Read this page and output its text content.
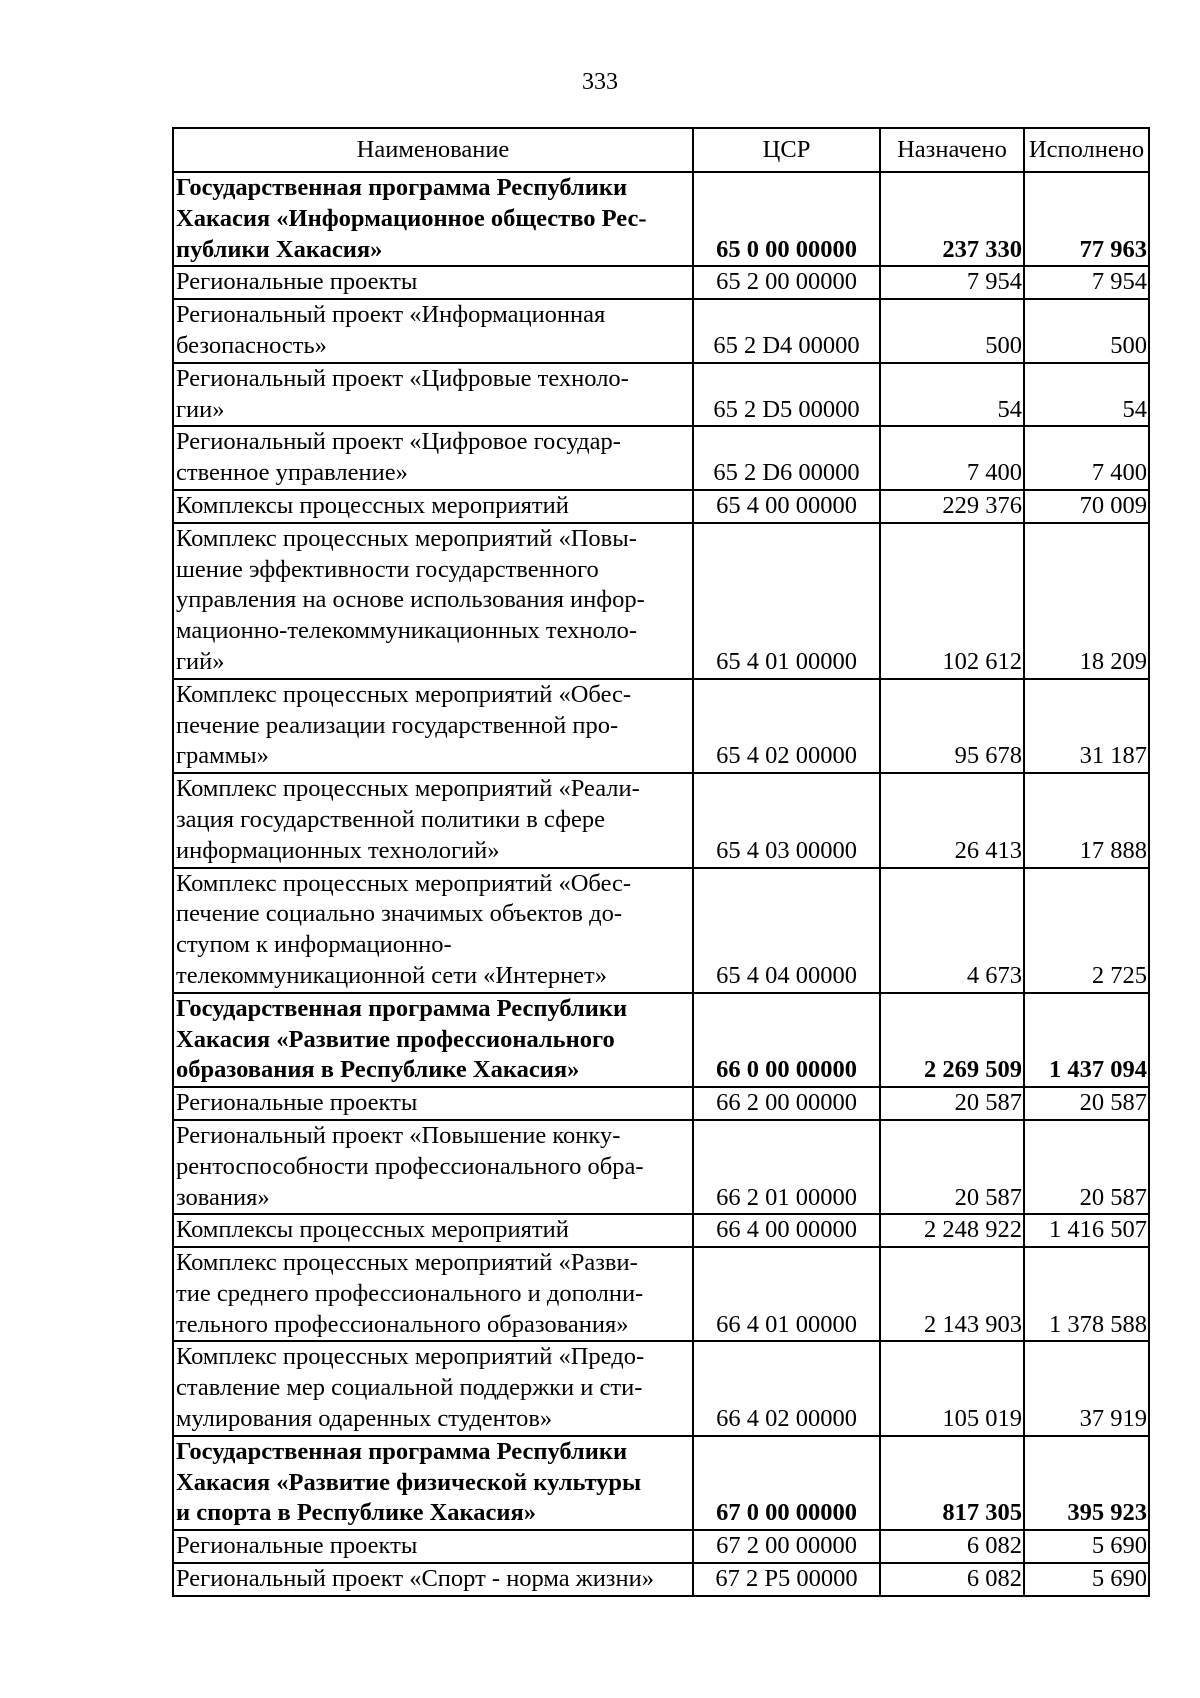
333
Наименование	ЦСР	Назначено	Исполнено

Государственная программа Республики
Хакасия «Информационное общество Рес-
публики Хакасия»	65 0 00 00000	237 330	77 963

Региональные проекты	65 2 00 00000	7 954	7 954

Региональный проект «Информационная
безопасность»	65 2 D4 00000	500	500

Региональный проект «Цифровые техноло-
гии»	65 2 D5 00000	54	54

Региональный проект «Цифровое государ-
ственное управление»	65 2 D6 00000	7 400	7 400

Комплексы процессных мероприятий	65 4 00 00000	229 376	70 009

Комплекс процессных мероприятий «Повы-
шение эффективности государственного
управления на основе использования инфор-
мационно-телекоммуникационных техноло-
гий»	65 4 01 00000	102 612	18 209

Комплекс процессных мероприятий «Обес-
печение реализации государственной про-
граммы»	65 4 02 00000	95 678	31 187

Комплекс процессных мероприятий «Реали-
зация государственной политики в сфере
информационных технологий»	65 4 03 00000	26 413	17 888

Комплекс процессных мероприятий «Обес-
печение социально значимых объектов до-
ступом к информационно-
телекоммуникационной сети «Интернет»	65 4 04 00000	4 673	2 725

Государственная программа Республики
Хакасия «Развитие профессионального
образования в Республике Хакасия»	66 0 00 00000	2 269 509	1 437 094

Региональные проекты	66 2 00 00000	20 587	20 587

Региональный проект «Повышение конку-
рентоспособности профессионального обра-
зования»	66 2 01 00000	20 587	20 587

Комплексы процессных мероприятий	66 4 00 00000	2 248 922	1 416 507

Комплекс процессных мероприятий «Разви-
тие среднего профессионального и дополни-
тельного профессионального образования»	66 4 01 00000	2 143 903	1 378 588

Комплекс процессных мероприятий «Предо-
ставление мер социальной поддержки и сти-
мулирования одаренных студентов»	66 4 02 00000	105 019	37 919

Государственная программа Республики
Хакасия «Развитие физической культуры
и спорта в Республике Хакасия»	67 0 00 00000	817 305	395 923

Региональные проекты	67 2 00 00000	6 082	5 690

Региональный проект «Спорт - норма жизни»	67 2 P5 00000	6 082	5 690
